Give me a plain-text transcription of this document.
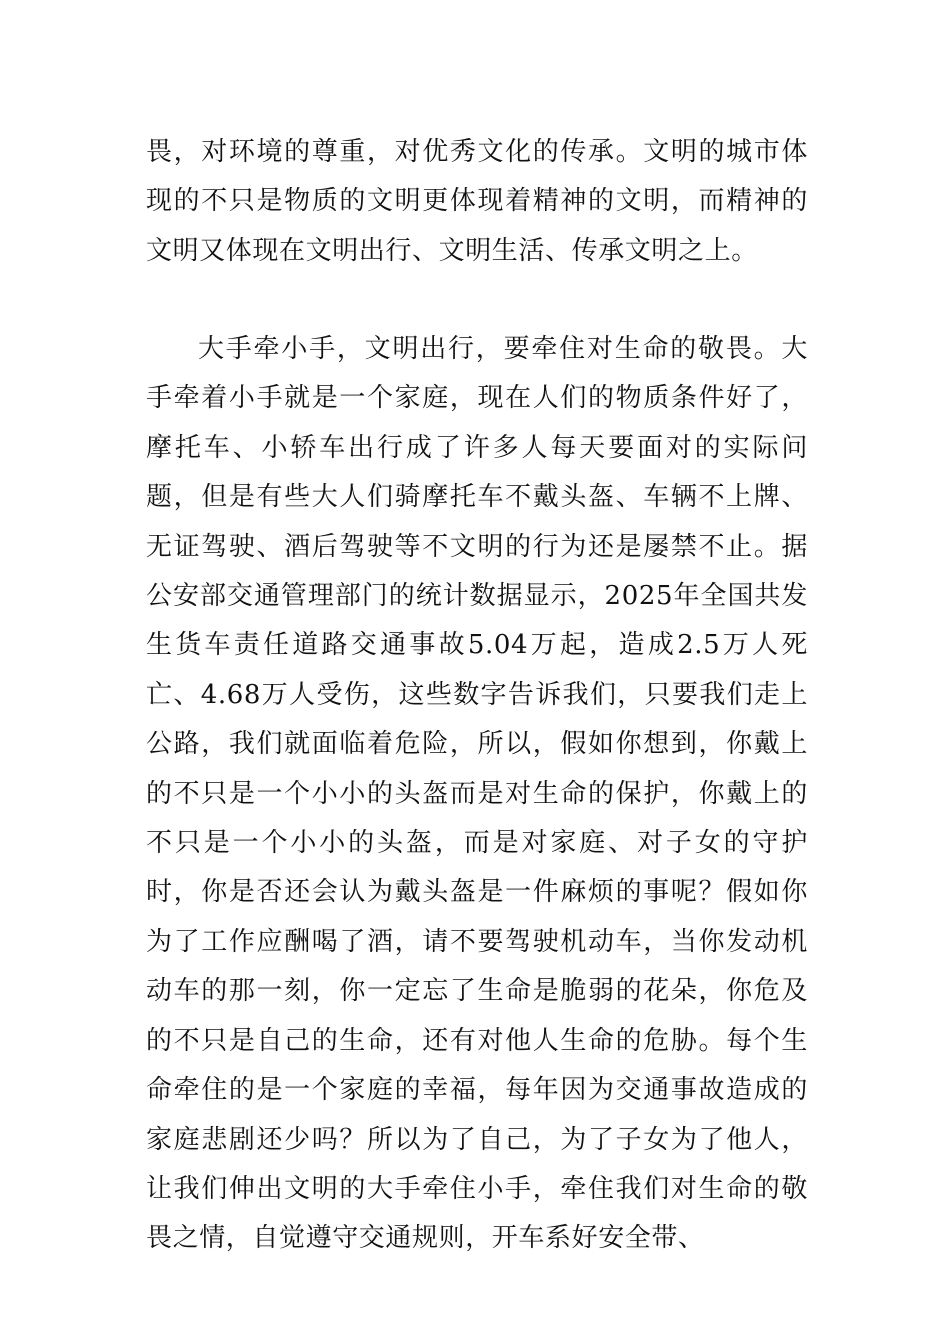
畏，对环境的尊重，对优秀文化的传承。文明的城市体现的不只是物质的文明更体现着精神的文明，而精神的文明又体现在文明出行、文明生活、传承文明之上。

大手牵小手，文明出行，要牵住对生命的敬畏。大手牵着小手就是一个家庭，现在人们的物质条件好了，摩托车、小轿车出行成了许多人每天要面对的实际问题，但是有些大人们骑摩托车不戴头盔、车辆不上牌、无证驾驶、酒后驾驶等不文明的行为还是屡禁不止。据公安部交通管理部门的统计数据显示，2025年全国共发生货车责任道路交通事故5.04万起，造成2.5万人死亡、4.68万人受伤，这些数字告诉我们，只要我们走上公路，我们就面临着危险，所以，假如你想到，你戴上的不只是一个小小的头盔而是对生命的保护，你戴上的不只是一个小小的头盔，而是对家庭、对子女的守护时，你是否还会认为戴头盔是一件麻烦的事呢？假如你为了工作应酬喝了酒，请不要驾驶机动车，当你发动机动车的那一刻，你一定忘了生命是脆弱的花朵，你危及的不只是自己的生命，还有对他人生命的危胁。每个生命牵住的是一个家庭的幸福，每年因为交通事故造成的家庭悲剧还少吗？所以为了自己，为了子女为了他人，让我们伸出文明的大手牵住小手，牵住我们对生命的敬畏之情，自觉遵守交通规则，开车系好安全带、
